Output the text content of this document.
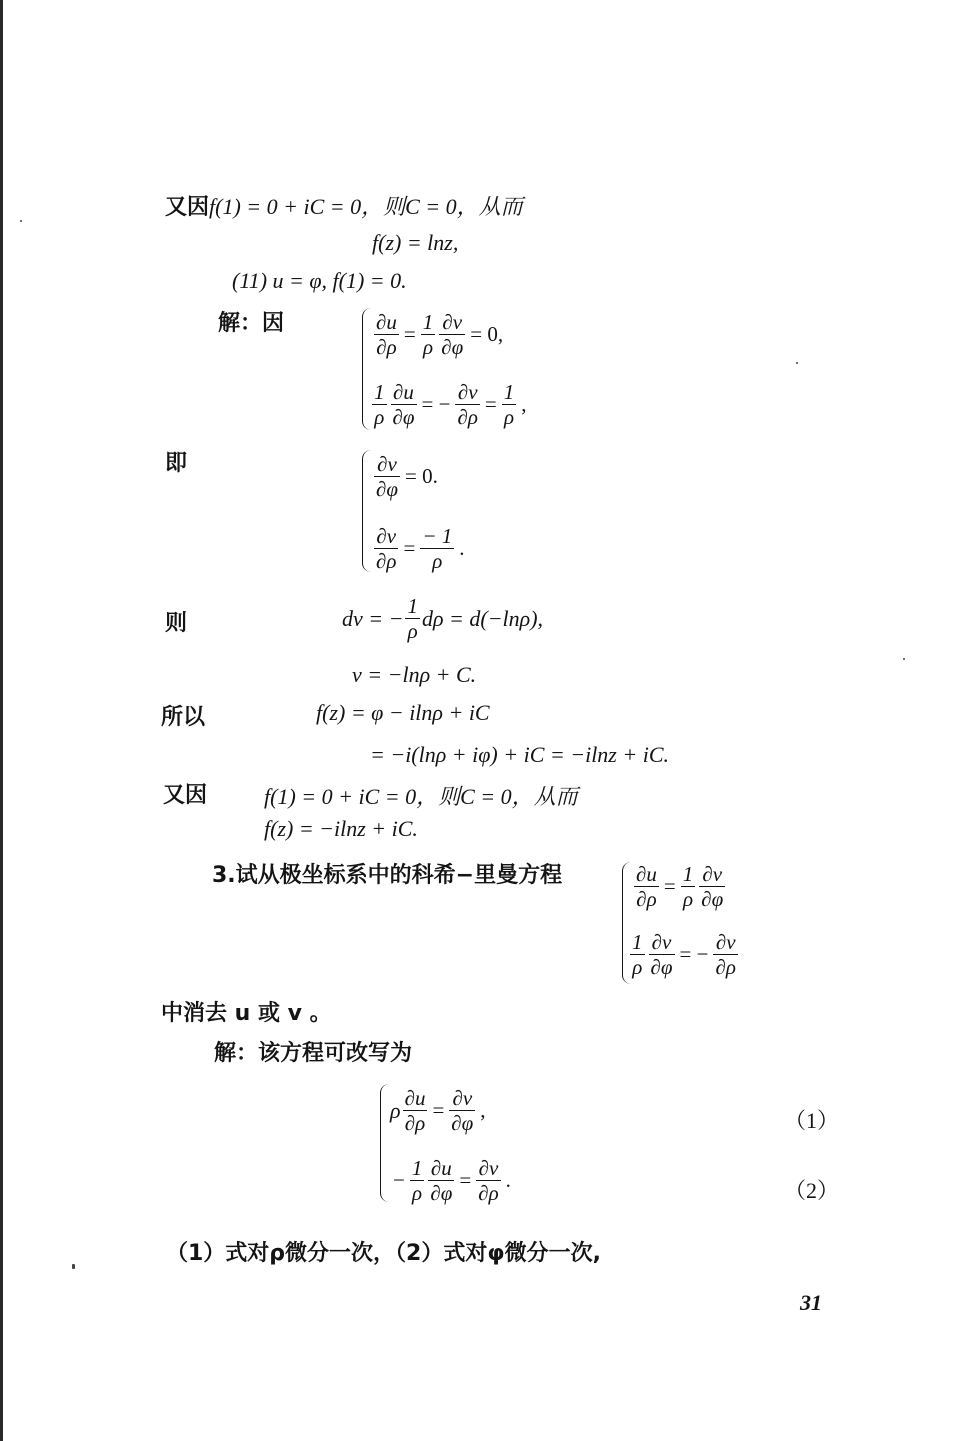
又因f(1) = 0 + iC = 0，则C = 0，从而
f(z) = lnz,
(11) u = φ, f(1) = 0.
解：因	$\frac{\partial u}{\partial\rho} = \frac{1}{\rho} \frac{\partial v}{\partial\varphi} = 0$,
$\frac{1}{\rho} \frac{\partial u}{\partial\varphi}$ = − $\frac{\partial v}{\partial\rho} = \frac{1}{\rho}$ ,
即	$\frac{\partial v}{\partial\varphi} = 0$.
$\frac{\partial v}{\partial\rho} = \frac{- 1}{\rho}$ .
则	dv = − $\frac{1}{\rho}$ dρ = d(−lnρ),
v = −lnρ + C.
所以	f(z) = φ − ilnρ + iC
= −i(lnρ + iφ) + iC = −ilnz + iC.
又因	f(1) = 0 + iC = 0，则C = 0，从而
f(z) = −ilnz + iC.
3.试从极坐标系中的科希−里曼方程	$\frac{\partial u}{\partial\rho} = \frac{1}{\rho} \frac{\partial v}{\partial\varphi}$
$\frac{1}{\rho} \frac{\partial v}{\partial\varphi}$ = − $\frac{\partial v}{\partial\rho}$
中消去 u 或 v 。
解：该方程可改写为
ρ $\frac{\partial u}{\partial\rho} = \frac{\partial v}{\partial\varphi}$ ,
− $\frac{1}{\rho} \frac{\partial u}{\partial\varphi} = \frac{\partial v}{\partial\rho}$ .
（1）
（2）
（1）式对ρ微分一次，（2）式对φ微分一次,
31
